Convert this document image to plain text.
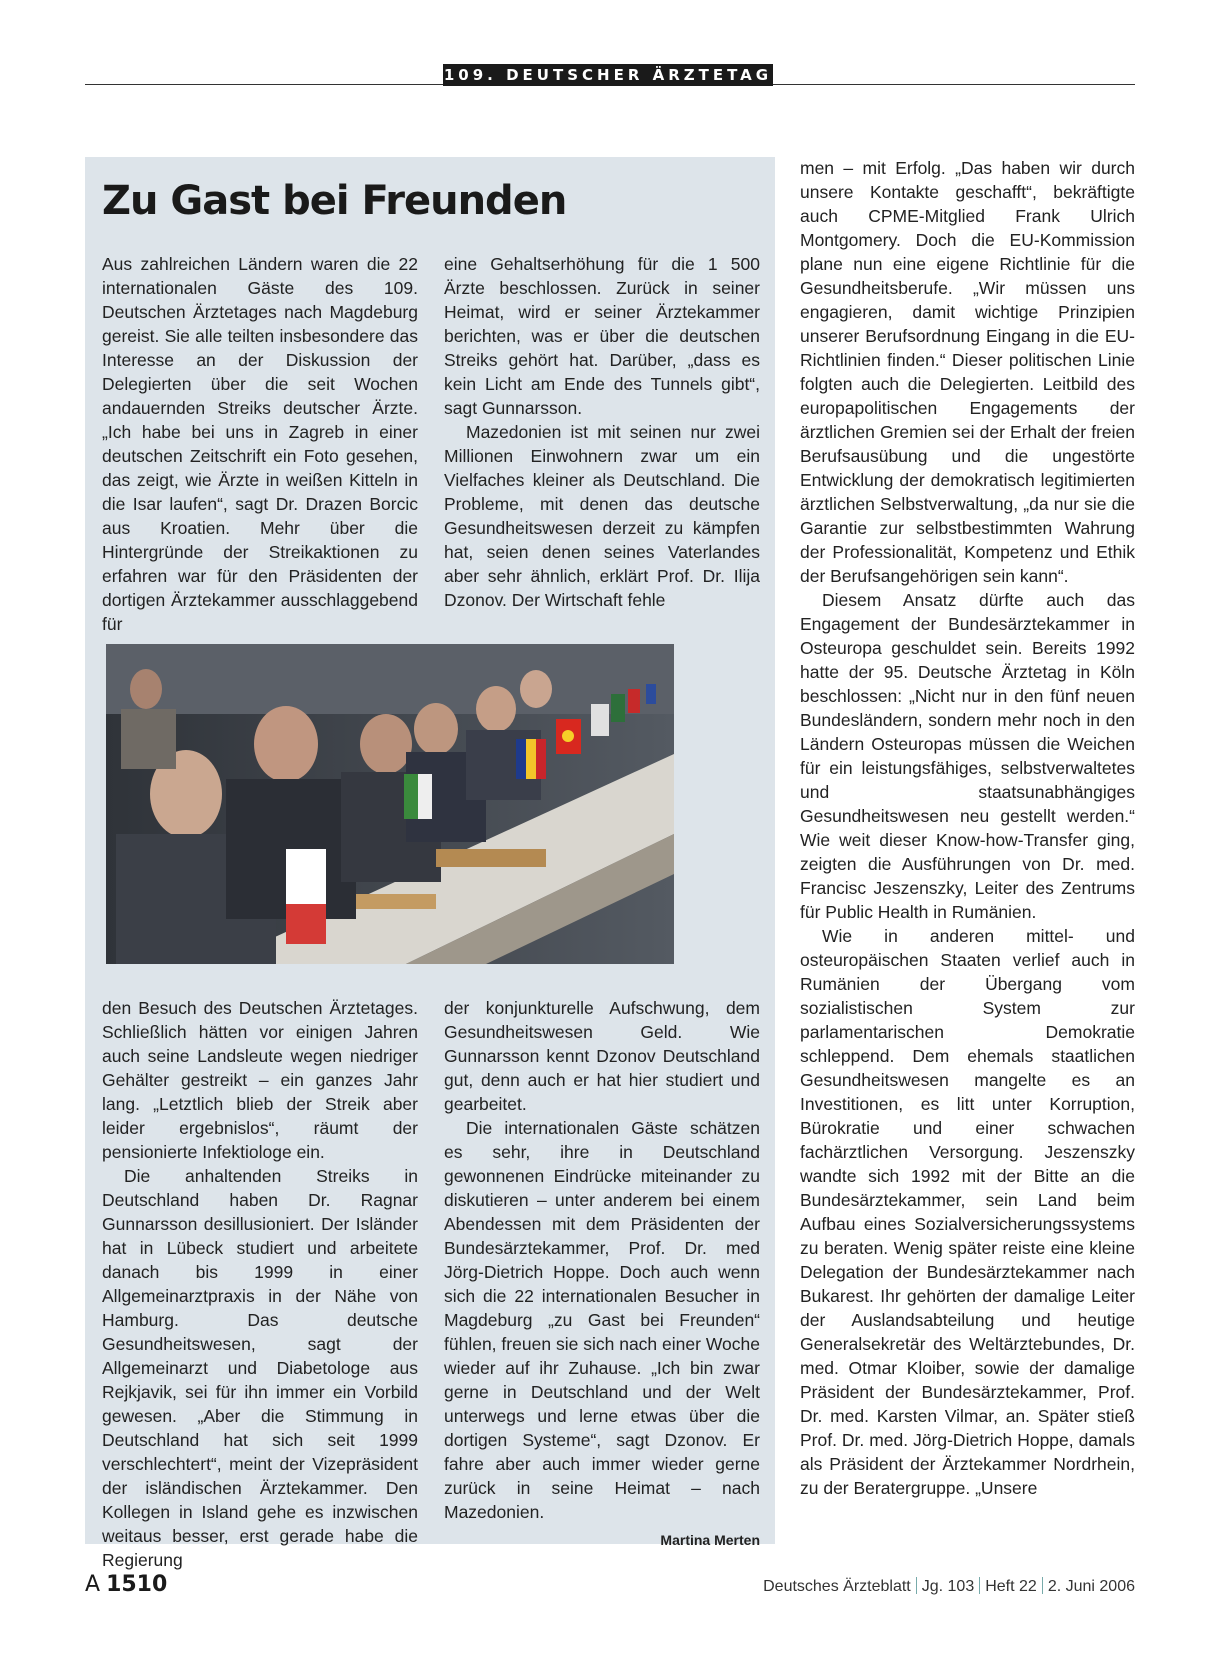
109. DEUTSCHER ÄRZTETAG
Zu Gast bei Freunden

Aus zahlreichen Ländern waren die 22 internationalen Gäste des 109. Deutschen Ärztetages nach Magdeburg gereist. Sie alle teilten insbesondere das Interesse an der Diskussion der Delegierten über die seit Wochen andauernden Streiks deutscher Ärzte. „Ich habe bei uns in Zagreb in einer deutschen Zeitschrift ein Foto gesehen, das zeigt, wie Ärzte in weißen Kitteln in die Isar laufen“, sagt Dr. Drazen Borcic aus Kroatien. Mehr über die Hintergründe der Streikaktionen zu erfahren war für den Präsidenten der dortigen Ärztekammer ausschlaggebend für

eine Gehaltserhöhung für die 1 500 Ärzte beschlossen. Zurück in seiner Heimat, wird er seiner Ärztekammer berichten, was er über die deutschen Streiks gehört hat. Darüber, „dass es kein Licht am Ende des Tunnels gibt“, sagt Gunnarsson.

Mazedonien ist mit seinen nur zwei Millionen Einwohnern zwar um ein Vielfaches kleiner als Deutschland. Die Probleme, mit denen das deutsche Gesundheitswesen derzeit zu kämpfen hat, seien denen seines Vaterlandes aber sehr ähnlich, erklärt Prof. Dr. Ilija Dzonov. Der Wirtschaft fehle

den Besuch des Deutschen Ärztetages. Schließlich hätten vor einigen Jahren auch seine Landsleute wegen niedriger Gehälter gestreikt – ein ganzes Jahr lang. „Letztlich blieb der Streik aber leider ergebnislos“, räumt der pensionierte Infektiologe ein.

Die anhaltenden Streiks in Deutschland haben Dr. Ragnar Gunnarsson desillusioniert. Der Isländer hat in Lübeck studiert und arbeitete danach bis 1999 in einer Allgemeinarztpraxis in der Nähe von Hamburg. Das deutsche Gesundheitswesen, sagt der Allgemeinarzt und Diabetologe aus Rejkjavik, sei für ihn immer ein Vorbild gewesen. „Aber die Stimmung in Deutschland hat sich seit 1999 verschlechtert“, meint der Vizepräsident der isländischen Ärztekammer. Den Kollegen in Island gehe es inzwischen weitaus besser, erst gerade habe die Regierung

der konjunkturelle Aufschwung, dem Gesundheitswesen Geld. Wie Gunnarsson kennt Dzonov Deutschland gut, denn auch er hat hier studiert und gearbeitet.

Die internationalen Gäste schätzen es sehr, ihre in Deutschland gewonnenen Eindrücke miteinander zu diskutieren – unter anderem bei einem Abendessen mit dem Präsidenten der Bundesärztekammer, Prof. Dr. med Jörg-Dietrich Hoppe. Doch auch wenn sich die 22 internationalen Besucher in Magdeburg „zu Gast bei Freunden“ fühlen, freuen sie sich nach einer Woche wieder auf ihr Zuhause. „Ich bin zwar gerne in Deutschland und der Welt unterwegs und lerne etwas über die dortigen Systeme“, sagt Dzonov. Er fahre aber auch immer wieder gerne zurück in seine Heimat – nach Mazedonien.

Martina Merten

men – mit Erfolg. „Das haben wir durch unsere Kontakte geschafft“, bekräftigte auch CPME-Mitglied Frank Ulrich Montgomery. Doch die EU-Kommission plane nun eine eigene Richtlinie für die Gesundheitsberufe. „Wir müssen uns engagieren, damit wichtige Prinzipien unserer Berufsordnung Eingang in die EU-Richtlinien finden.“ Dieser politischen Linie folgten auch die Delegierten. Leitbild des europapolitischen Engagements der ärztlichen Gremien sei der Erhalt der freien Berufsausübung und die ungestörte Entwicklung der demokratisch legitimierten ärztlichen Selbstverwaltung, „da nur sie die Garantie zur selbstbestimmten Wahrung der Professionalität, Kompetenz und Ethik der Berufsangehörigen sein kann“.

Diesem Ansatz dürfte auch das Engagement der Bundesärztekammer in Osteuropa geschuldet sein. Bereits 1992 hatte der 95. Deutsche Ärztetag in Köln beschlossen: „Nicht nur in den fünf neuen Bundesländern, sondern mehr noch in den Ländern Osteuropas müssen die Weichen für ein leistungsfähiges, selbstverwaltetes und staatsunabhängiges Gesundheitswesen neu gestellt werden.“ Wie weit dieser Know-how-Transfer ging, zeigten die Ausführungen von Dr. med. Francisc Jeszenszky, Leiter des Zentrums für Public Health in Rumänien.

Wie in anderen mittel- und osteuropäischen Staaten verlief auch in Rumänien der Übergang vom sozialistischen System zur parlamentarischen Demokratie schleppend. Dem ehemals staatlichen Gesundheitswesen mangelte es an Investitionen, es litt unter Korruption, Bürokratie und einer schwachen fachärztlichen Versorgung. Jeszenszky wandte sich 1992 mit der Bitte an die Bundesärztekammer, sein Land beim Aufbau eines Sozialversicherungssystems zu beraten. Wenig später reiste eine kleine Delegation der Bundesärztekammer nach Bukarest. Ihr gehörten der damalige Leiter der Auslandsabteilung und heutige Generalsekretär des Weltärztebundes, Dr. med. Otmar Kloiber, sowie der damalige Präsident der Bundesärztekammer, Prof. Dr. med. Karsten Vilmar, an. Später stieß Prof. Dr. med. Jörg-Dietrich Hoppe, damals als Präsident der Ärztekammer Nordrhein, zu der Beratergruppe. „Unsere

A 1510	Deutsches Ärzteblatt Jg. 103 Heft 22 2. Juni 2006
